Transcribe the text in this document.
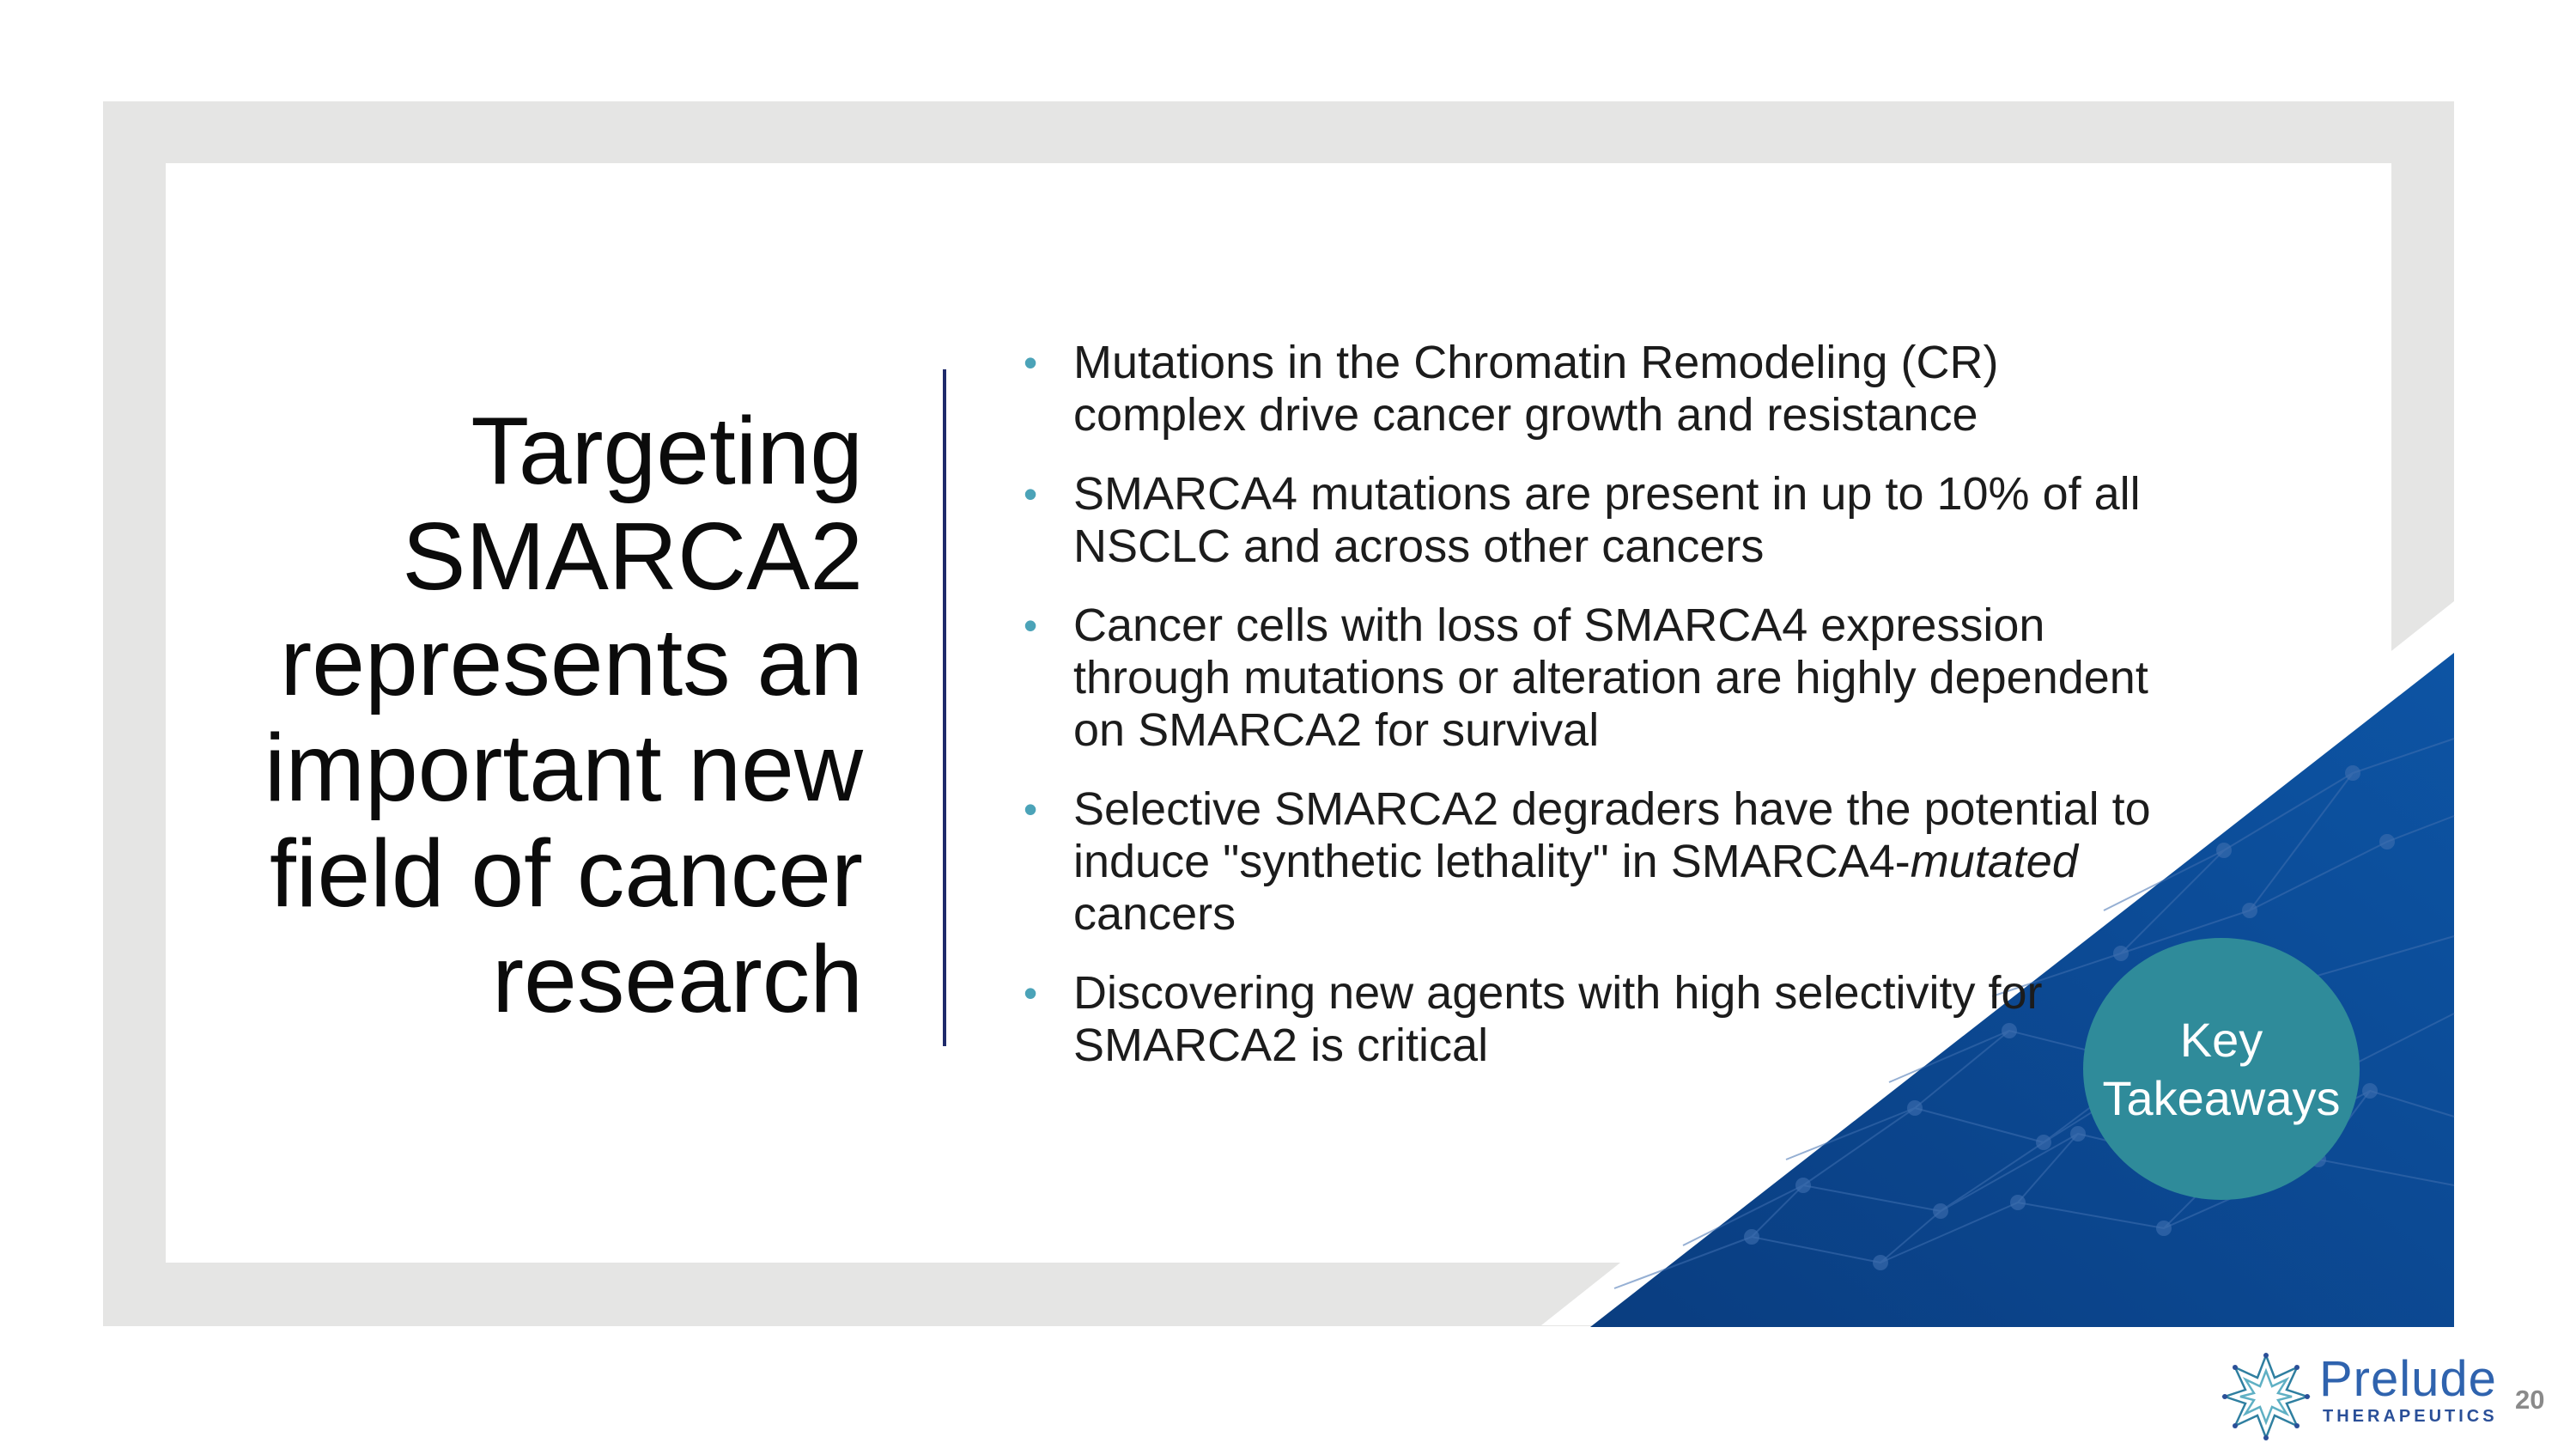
Targeting
SMARCA2
represents an
important new
field of cancer
research
• Mutations in the Chromatin Remodeling (CR) complex drive cancer growth and resistance
• SMARCA4 mutations are present in up to 10% of all NSCLC and across other cancers
• Cancer cells with loss of SMARCA4 expression through mutations or alteration are highly dependent on SMARCA2 for survival
• Selective SMARCA2 degraders have the potential to induce "synthetic lethality" in SMARCA4-mutated cancers
• Discovering new agents with high selectivity for SMARCA2 is critical	Key
Takeaways
Prelude
THERAPEUTICS
20
